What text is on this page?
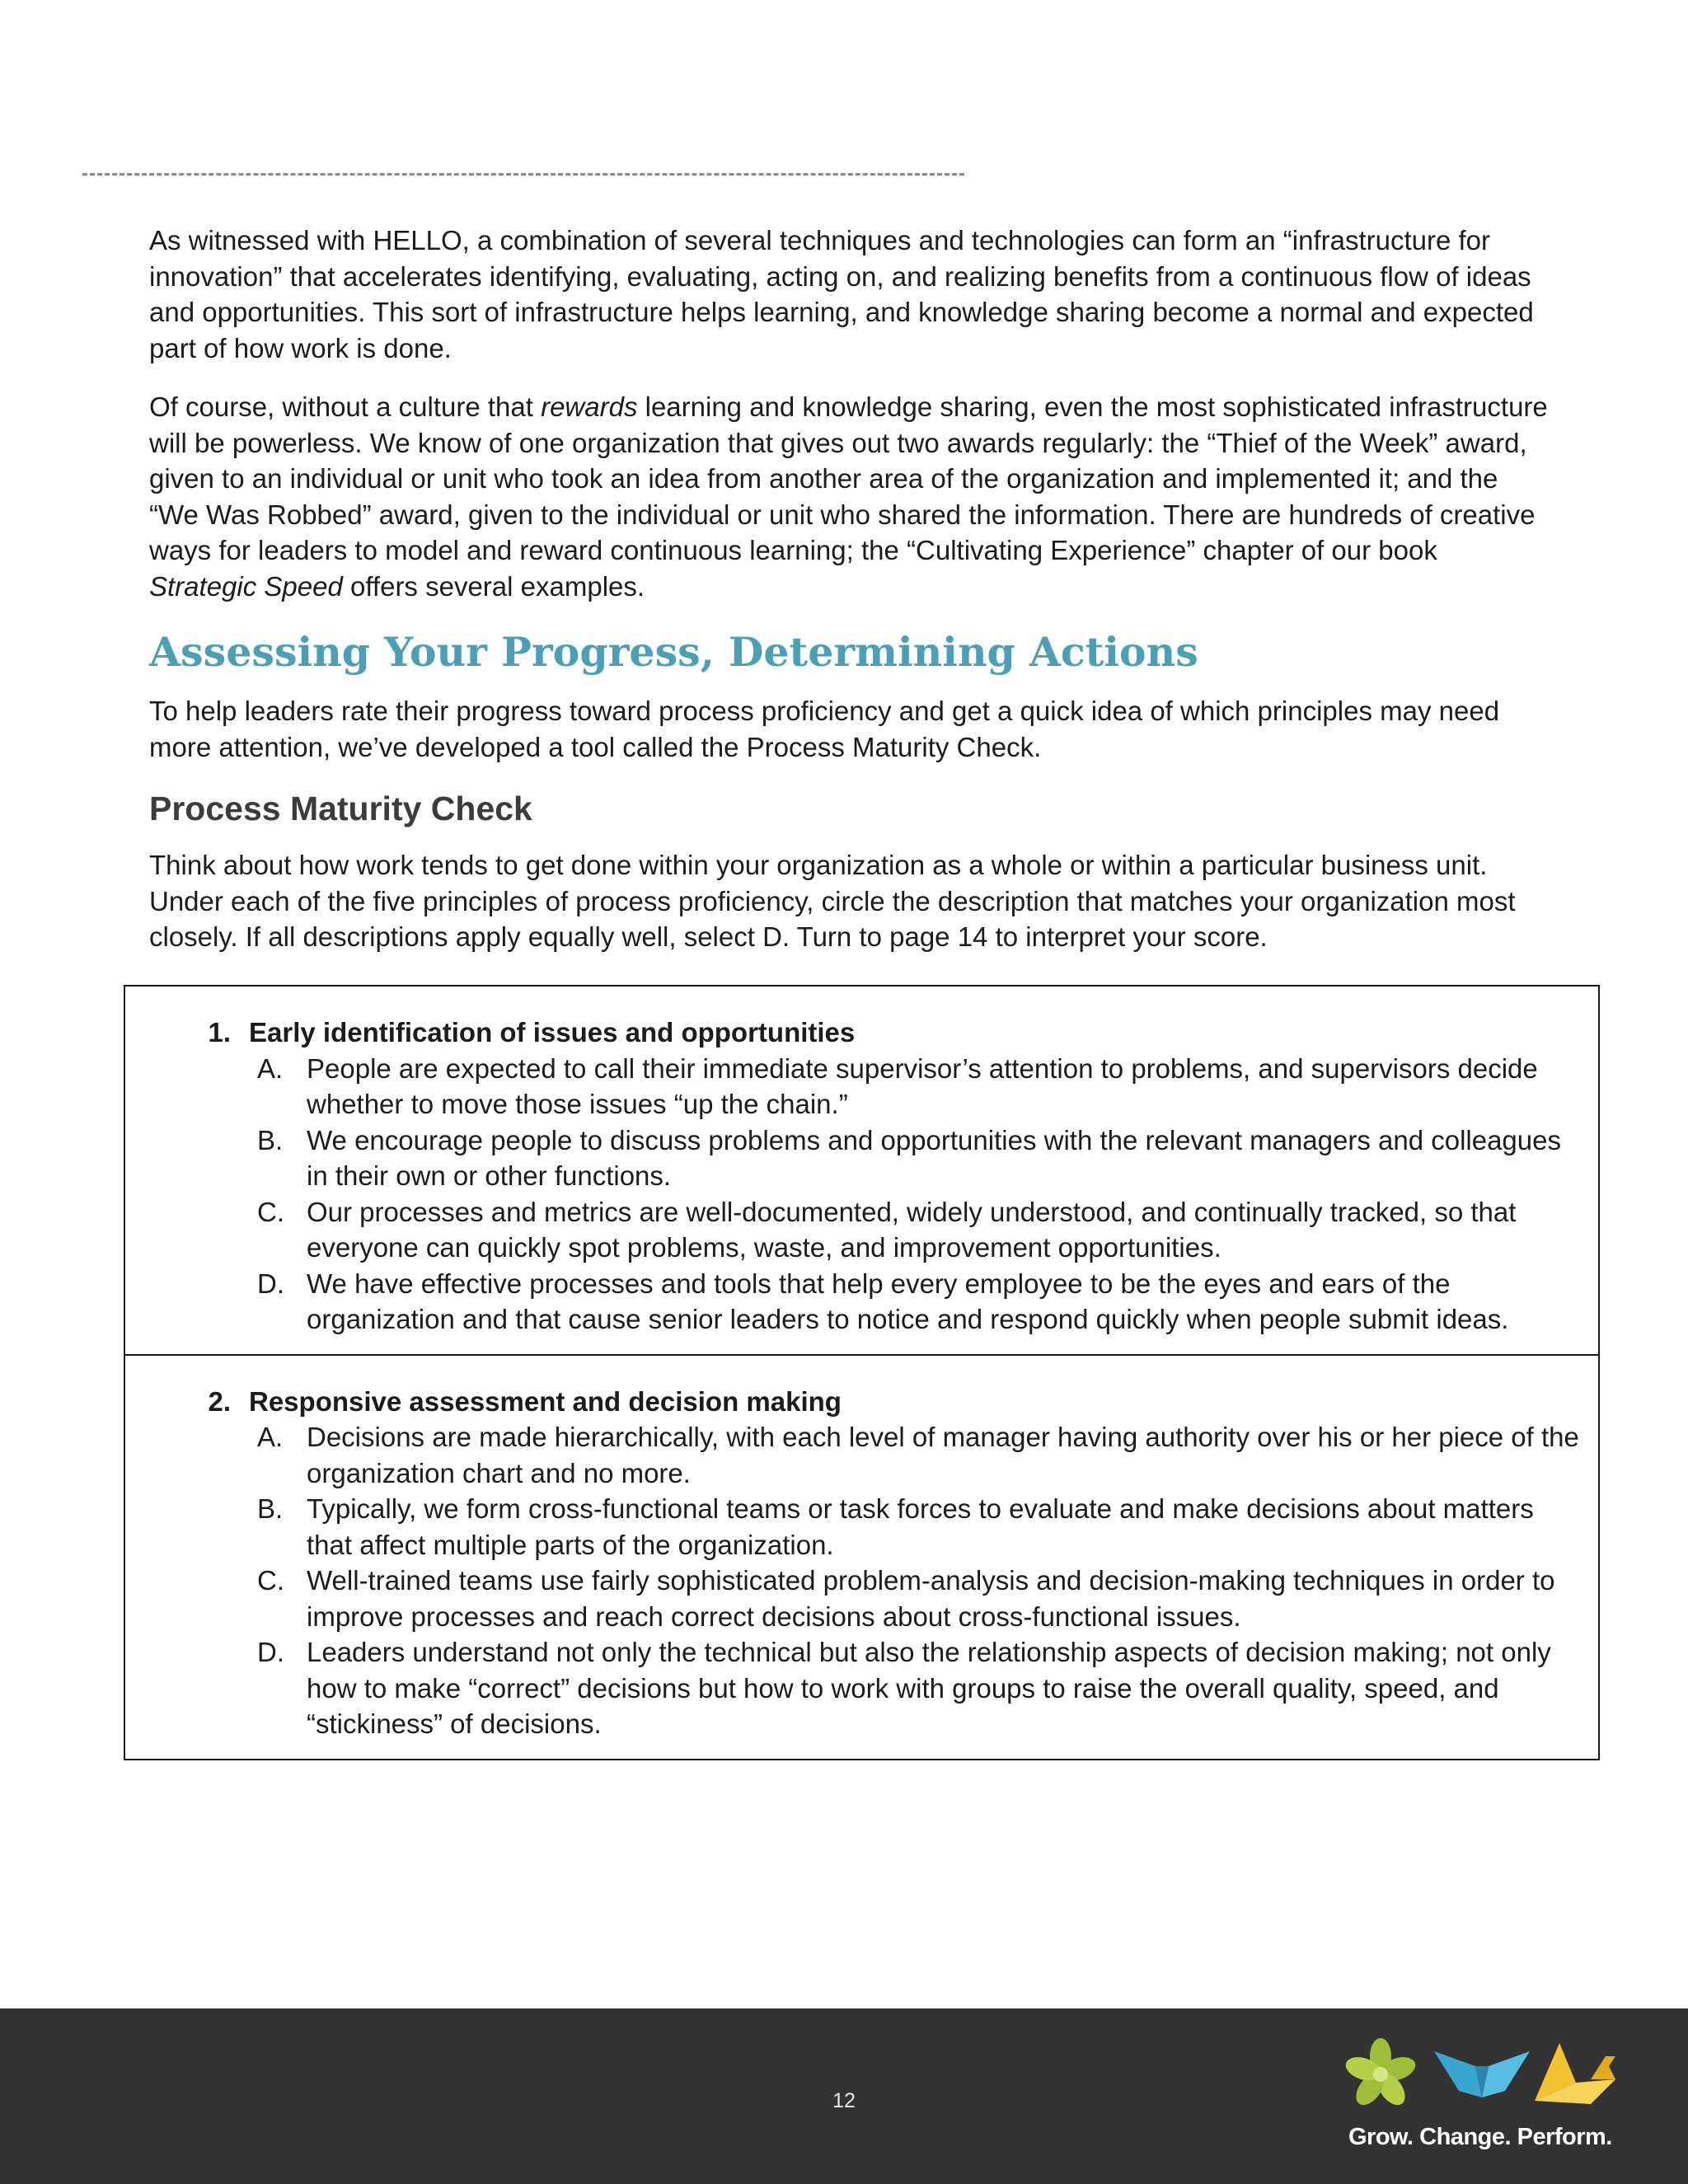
As witnessed with HELLO, a combination of several techniques and technologies can form an “infrastructure for innovation” that accelerates identifying, evaluating, acting on, and realizing benefits from a continuous flow of ideas and opportunities. This sort of infrastructure helps learning, and knowledge sharing become a normal and expected part of how work is done.

Of course, without a culture that rewards learning and knowledge sharing, even the most sophisticated infrastructure will be powerless. We know of one organization that gives out two awards regularly: the “Thief of the Week” award, given to an individual or unit who took an idea from another area of the organization and implemented it; and the “We Was Robbed” award, given to the individual or unit who shared the information. There are hundreds of creative ways for leaders to model and reward continuous learning; the “Cultivating Experience” chapter of our book Strategic Speed offers several examples.

Assessing Your Progress, Determining Actions

To help leaders rate their progress toward process proficiency and get a quick idea of which principles may need more attention, we’ve developed a tool called the Process Maturity Check.

Process Maturity Check

Think about how work tends to get done within your organization as a whole or within a particular business unit. Under each of the five principles of process proficiency, circle the description that matches your organization most closely. If all descriptions apply equally well, select D. Turn to page 14 to interpret your score.

1. Early identification of issues and opportunities
A. People are expected to call their immediate supervisor’s attention to problems, and supervisors decide whether to move those issues “up the chain.”
B. We encourage people to discuss problems and opportunities with the relevant managers and colleagues in their own or other functions.
C. Our processes and metrics are well-documented, widely understood, and continually tracked, so that everyone can quickly spot problems, waste, and improvement opportunities.
D. We have effective processes and tools that help every employee to be the eyes and ears of the organization and that cause senior leaders to notice and respond quickly when people submit ideas.
2. Responsive assessment and decision making
A. Decisions are made hierarchically, with each level of manager having authority over his or her piece of the organization chart and no more.
B. Typically, we form cross-functional teams or task forces to evaluate and make decisions about matters that affect multiple parts of the organization.
C. Well-trained teams use fairly sophisticated problem-analysis and decision-making techniques in order to improve processes and reach correct decisions about cross-functional issues.
D. Leaders understand not only the technical but also the relationship aspects of decision making; not only how to make “correct” decisions but how to work with groups to raise the overall quality, speed, and “stickiness” of decisions.
12
Grow. Change. Perform.
